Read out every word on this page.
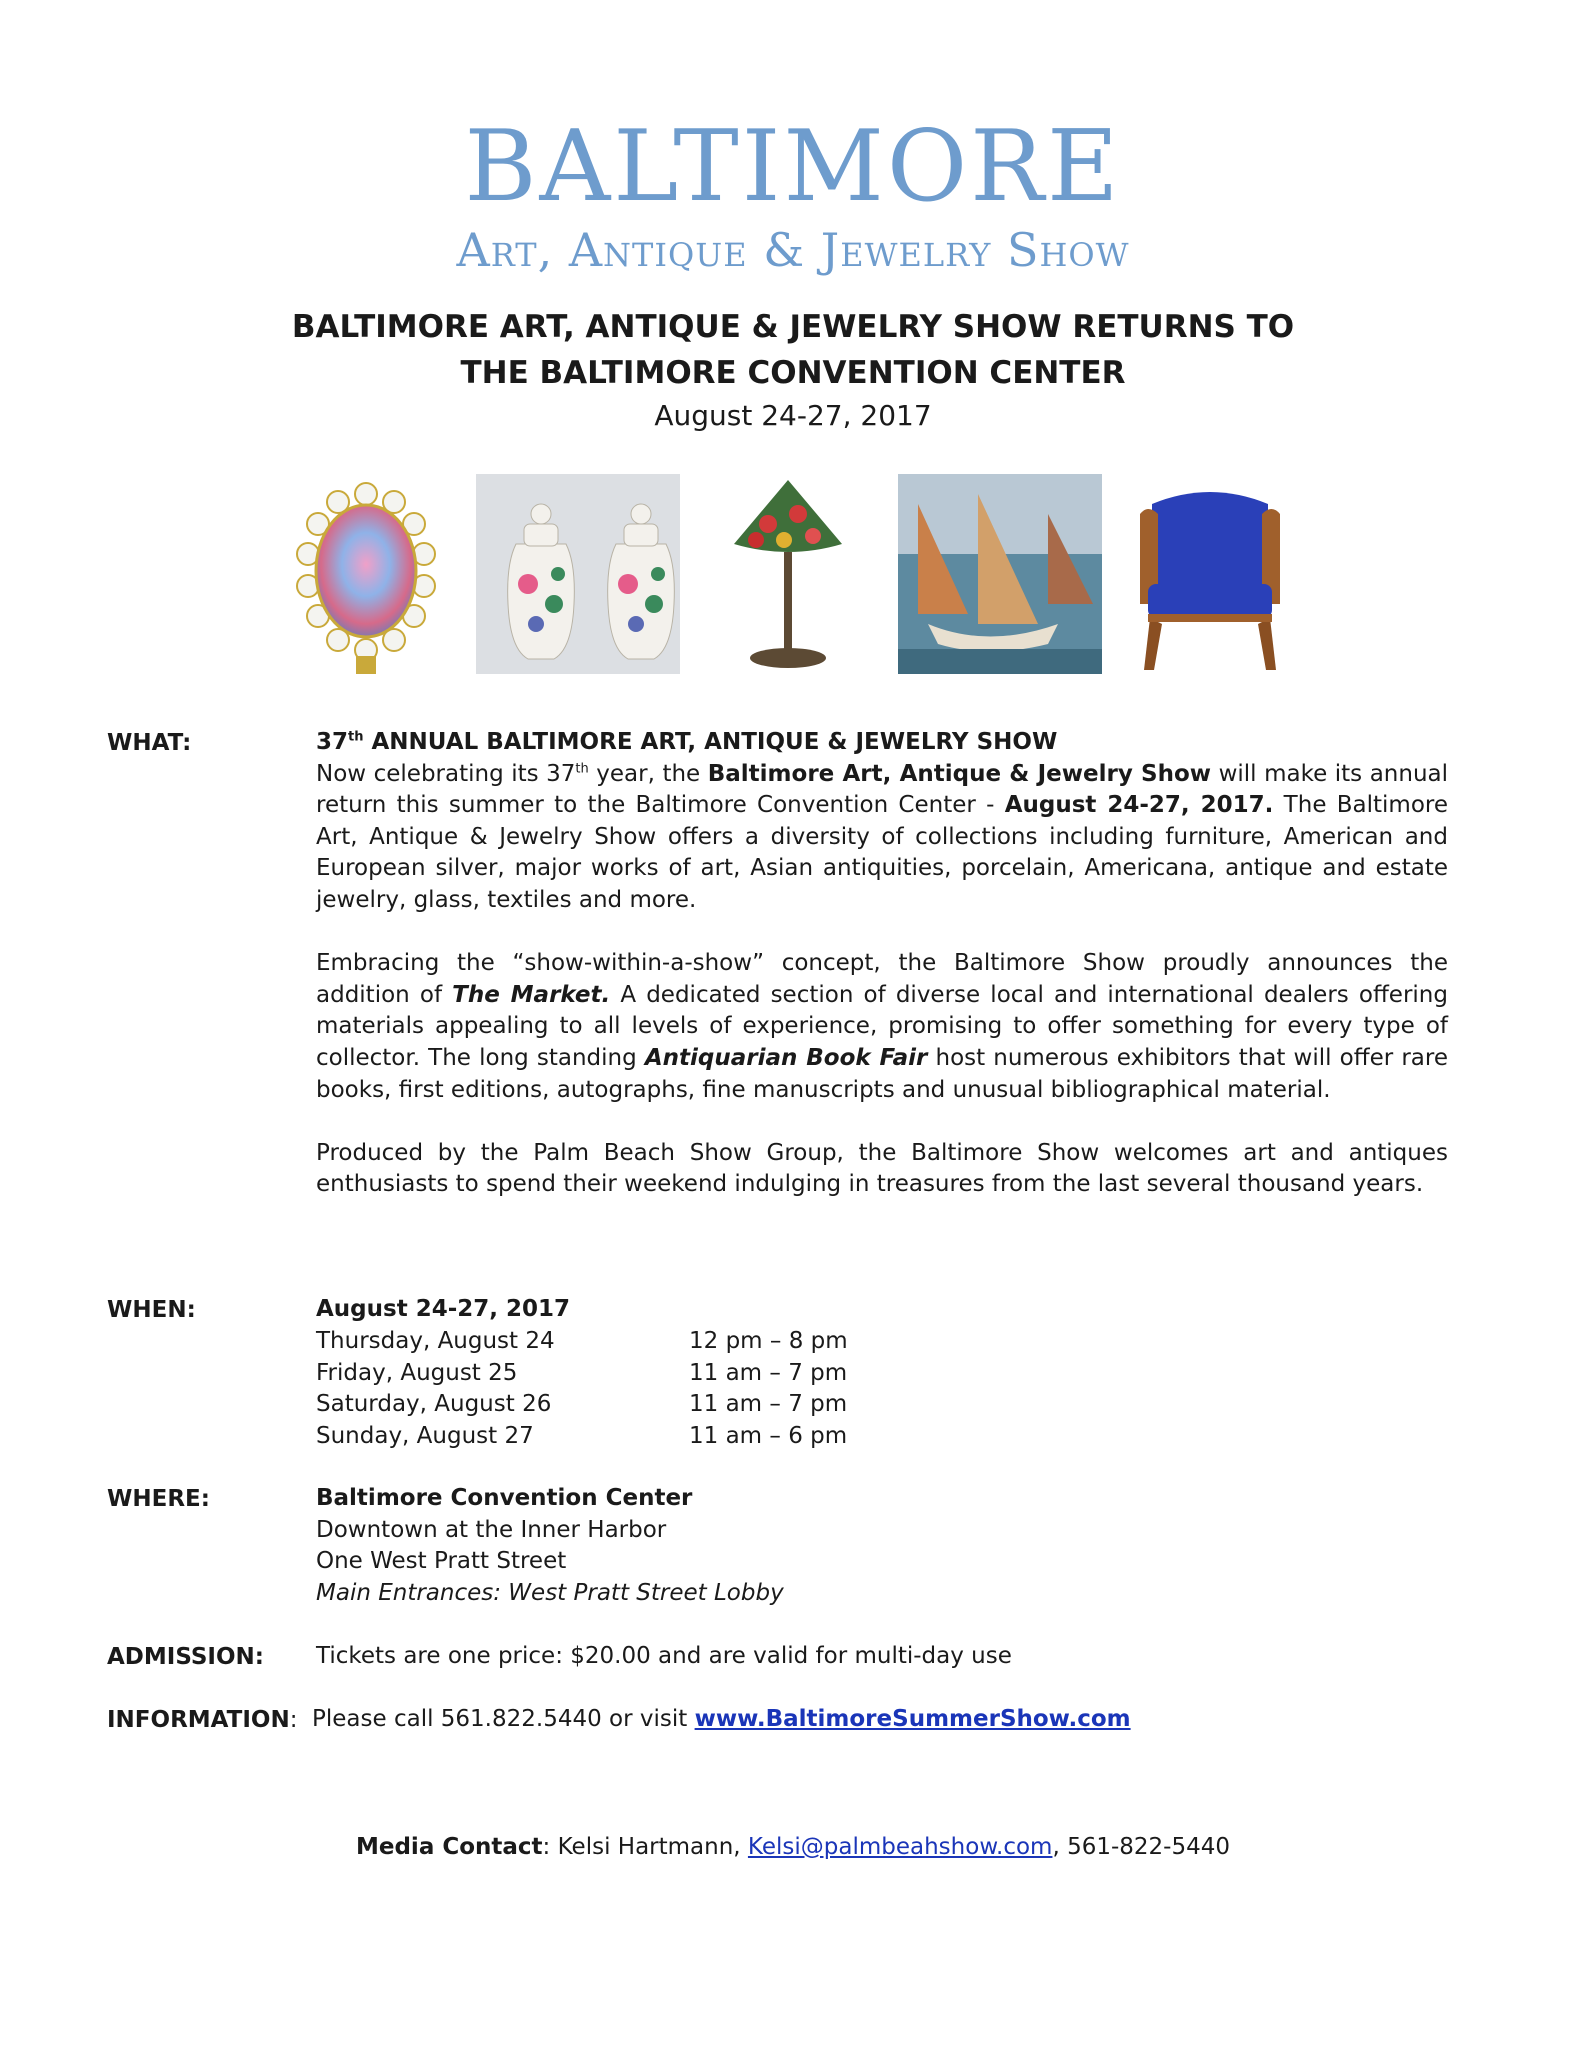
BALTIMORE
Art, Antique & Jewelry Show
BALTIMORE ART, ANTIQUE & JEWELRY SHOW RETURNS TO
THE BALTIMORE CONVENTION CENTER
August 24-27, 2017
WHAT:	37th ANNUAL BALTIMORE ART, ANTIQUE & JEWELRY SHOW

Now celebrating its 37th year, the Baltimore Art, Antique & Jewelry Show will make its annual return this summer to the Baltimore Convention Center - August 24-27, 2017. The Baltimore Art, Antique & Jewelry Show offers a diversity of collections including furniture, American and European silver, major works of art, Asian antiquities, porcelain, Americana, antique and estate jewelry, glass, textiles and more.

Embracing the “show-within-a-show” concept, the Baltimore Show proudly announces the addition of The Market. A dedicated section of diverse local and international dealers offering materials appealing to all levels of experience, promising to offer something for every type of collector. The long standing Antiquarian Book Fair host numerous exhibitors that will offer rare books, first editions, autographs, fine manuscripts and unusual bibliographical material.

Produced by the Palm Beach Show Group, the Baltimore Show welcomes art and antiques enthusiasts to spend their weekend indulging in treasures from the last several thousand years.

WHEN:	August 24-27, 2017
Thursday, August 24	12 pm – 8 pm
Friday, August 25	11 am – 7 pm
Saturday, August 26	11 am – 7 pm
Sunday, August 27	11 am – 6 pm
WHERE:	Baltimore Convention Center

Downtown at the Inner Harbor

One West Pratt Street

Main Entrances: West Pratt Street Lobby

ADMISSION: Tickets are one price: $20.00 and are valid for multi-day use
INFORMATION: Please call 561.822.5440 or visit www.BaltimoreSummerShow.com
Media Contact: Kelsi Hartmann, Kelsi@palmbeahshow.com, 561-822-5440
